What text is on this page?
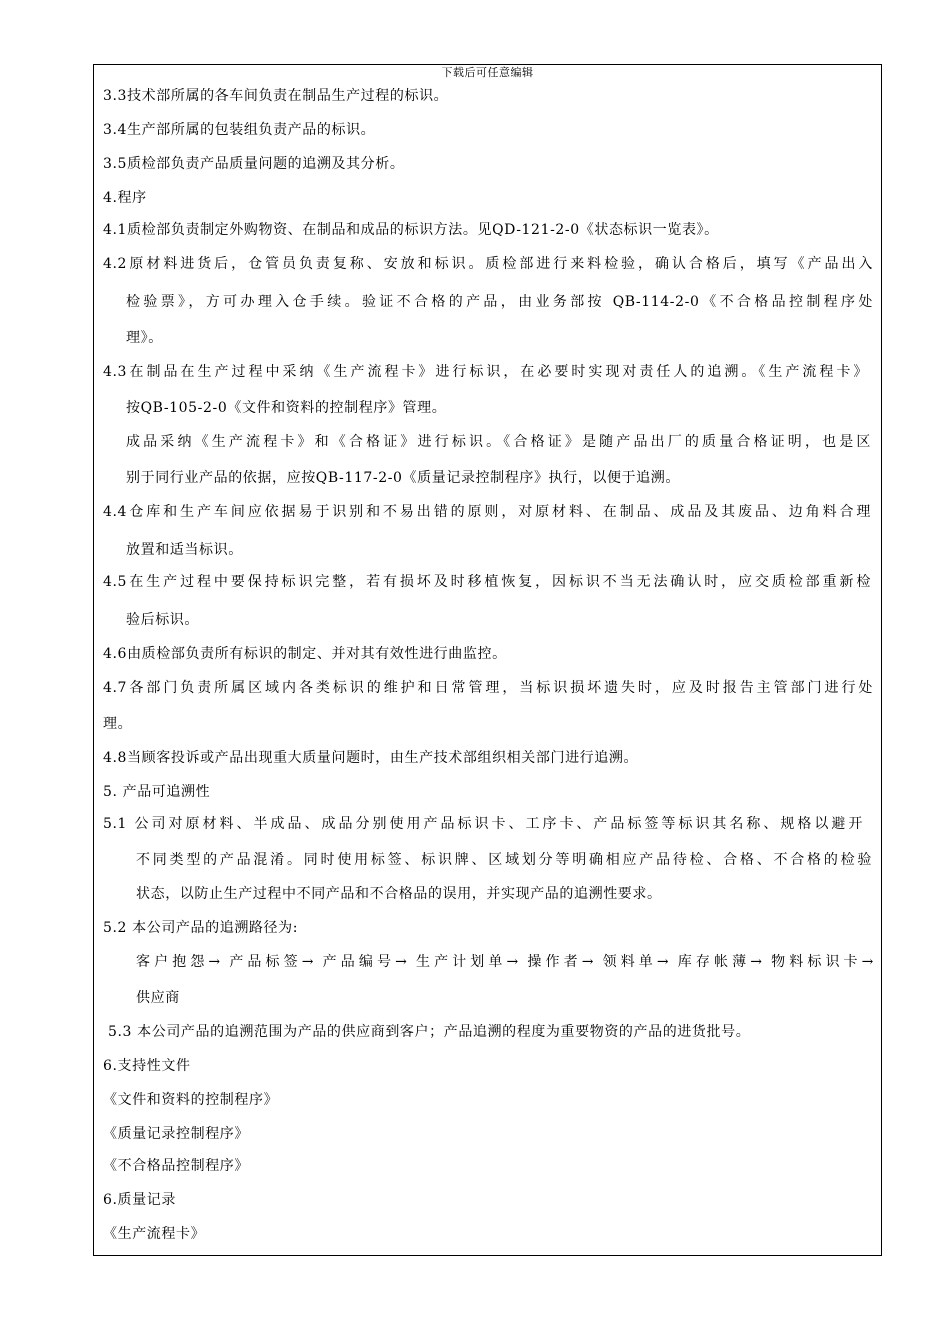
下载后可任意编辑
3.3技术部所属的各车间负责在制品生产过程的标识。
3.4生产部所属的包装组负责产品的标识。
3.5质检部负责产品质量问题的追溯及其分析。
4.程序
4.1质检部负责制定外购物资、在制品和成品的标识方法。见QD-121-2-0《状态标识一览表》。
4.2原材料进货后，仓管员负责复称、安放和标识。质检部进行来料检验，确认合格后，填写《产品出入
检验票》，方可办理入仓手续。验证不合格的产品，由业务部按 QB-114-2-0《不合格品控制程序处
理》。
4.3在制品在生产过程中采纳《生产流程卡》进行标识，在必要时实现对责任人的追溯。《生产流程卡》
按QB-105-2-0《文件和资料的控制程序》管理。
成品采纳《生产流程卡》和《合格证》进行标识。《合格证》是随产品出厂的质量合格证明，也是区
别于同行业产品的依据，应按QB-117-2-0《质量记录控制程序》执行，以便于追溯。
4.4仓库和生产车间应依据易于识别和不易出错的原则，对原材料、在制品、成品及其废品、边角料合理
放置和适当标识。
4.5在生产过程中要保持标识完整，若有损坏及时移植恢复，因标识不当无法确认时，应交质检部重新检
验后标识。
4.6由质检部负责所有标识的制定、并对其有效性进行曲监控。
4.7各部门负责所属区域内各类标识的维护和日常管理，当标识损坏遗失时，应及时报告主管部门进行处
理。
4.8当顾客投诉或产品出现重大质量问题时，由生产技术部组织相关部门进行追溯。
5. 产品可追溯性
5.1 公司对原材料、半成品、成品分别使用产品标识卡、工序卡、产品标签等标识其名称、规格以避开
不同类型的产品混淆。同时使用标签、标识牌、区域划分等明确相应产品待检、合格、不合格的检验
状态，以防止生产过程中不同产品和不合格品的误用，并实现产品的追溯性要求。
5.2 本公司产品的追溯路径为:
客户抱怨→ 产品标签→ 产品编号→ 生产计划单→ 操作者→ 领料单→ 库存帐薄→ 物料标识卡→
供应商
5.3 本公司产品的追溯范围为产品的供应商到客户；产品追溯的程度为重要物资的产品的进货批号。
6.支持性文件
《文件和资料的控制程序》
《质量记录控制程序》
《不合格品控制程序》
6.质量记录
《生产流程卡》
